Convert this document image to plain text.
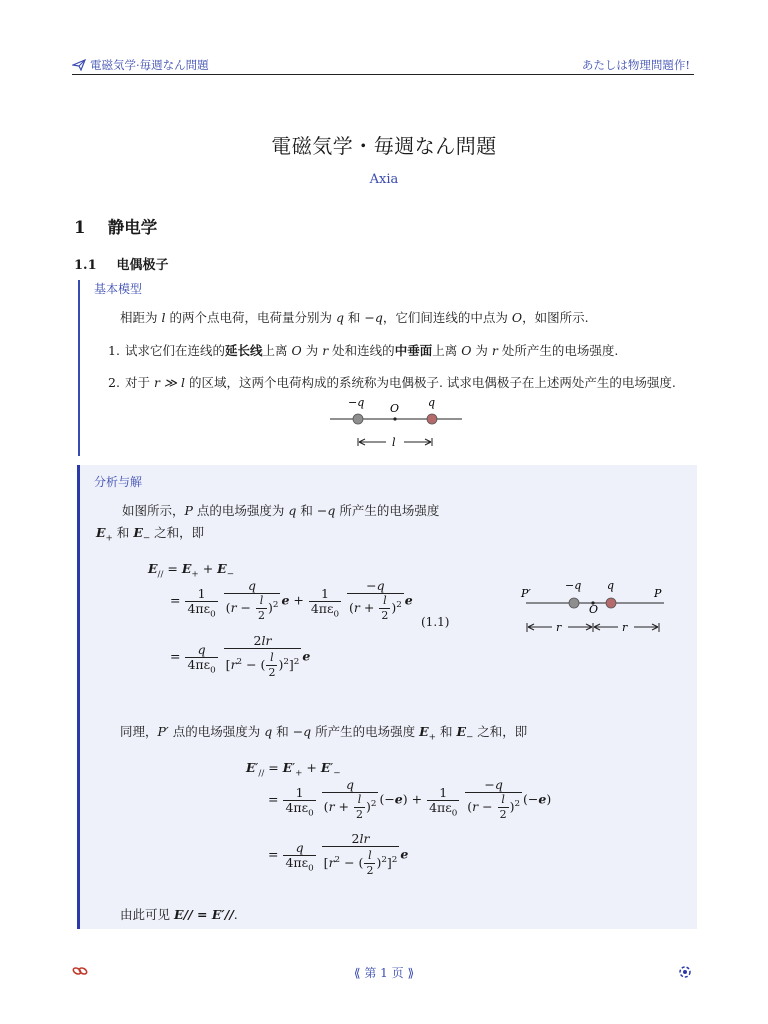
電磁気学·毎週なん問題	あたしは物理問題作!
電磁気学・毎週なん問題
Axia
1 静电学
1.1 电偶极子
基本模型
相距为 l 的两个点电荷，电荷量分别为 q 和 −q，它们间连线的中点为 O，如图所示.
1. 试求它们在连线的延长线上离 O 为 r 处和连线的中垂面上离 O 为 r 处所产生的电场强度.
2. 对于 r ≫ l 的区域，这两个电荷构成的系统称为电偶极子. 试求电偶极子在上述两处产生的电场强度.
−q O	q
l
分析与解
如图所示，P 点的电场强度为 q 和 −q 所产生的电场强度
$E_+$ 和 $E_-$ 之和，即
$E_{//} = E_+ + E_-$
= $\frac{1}{4\pi\varepsilon_0}$
$\frac{q}{(r - \frac{l}{2} )^2}$ $e + \frac{1}{4\pi\varepsilon_0}$
$\frac{-q}{(r + \frac{l}{2} )^2}$ e
(1.1)
= $\frac{q}{4\pi\varepsilon_0}$
$\frac{2lr}{[r^2 - ( \frac{l}{2} )^2]^2}$ e
P′
−q q
O
P
r	r
同理，P′ 点的电场强度为 q 和 −q 所产生的电场强度 $E_+$ 和 $E_-$ 之和，即
$E'_{//} = E'_+ + E'_-$
= $\frac{1}{4\pi\varepsilon_0}$
$\frac{q}{(r + \frac{l}{2} )^2} (-e) + \frac{1}{4\pi\varepsilon_0}$
$\frac{-q}{(r - \frac{l}{2} )^2} (-e)$
= $\frac{q}{4\pi\varepsilon_0}$
$\frac{2lr}{[r^2 - ( \frac{l}{2} )^2]^2}$ e
由此可见 E// = E′//.
⟪ 第 1 页 ⟫
